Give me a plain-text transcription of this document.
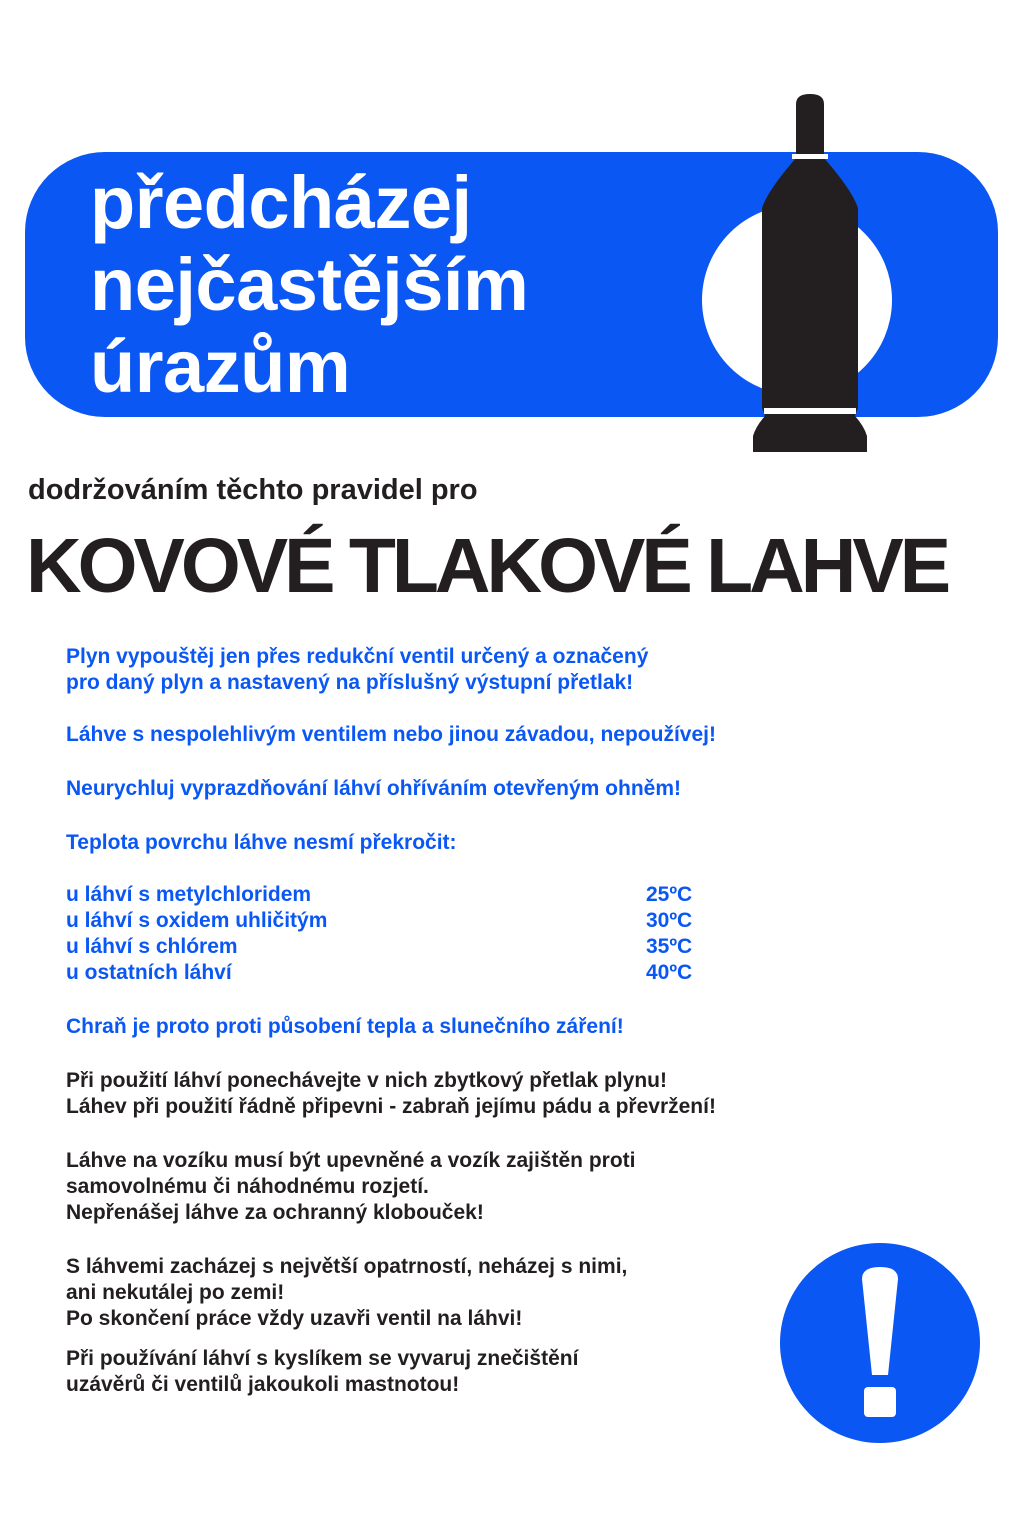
předcházej
nejčastějším
úrazům

dodržováním těchto pravidel pro

KOVOVÉ TLAKOVÉ LAHVE

Plyn vypouštěj jen přes redukční ventil určený a označený
pro daný plyn a nastavený na příslušný výstupní přetlak!

Láhve s nespolehlivým ventilem nebo jinou závadou, nepoužívej!

Neurychluj vyprazdňování láhví ohříváním otevřeným ohněm!

Teplota povrchu láhve nesmí překročit:

u láhví s metylchloridem	25ºC
u láhví s oxidem uhličitým	30ºC
u láhví s chlórem	35ºC
u ostatních láhví	40ºC

Chraň je proto proti působení tepla a slunečního záření!

Při použití láhví ponechávejte v nich zbytkový přetlak plynu!
Láhev při použití řádně připevni - zabraň jejímu pádu a převržení!

Láhve na vozíku musí být upevněné a vozík zajištěn proti
samovolnému či náhodnému rozjetí.
Nepřenášej láhve za ochranný klobouček!

S láhvemi zacházej s největší opatrností, neházej s nimi,
ani nekutálej po zemi!
Po skončení práce vždy uzavři ventil na láhvi!

Při používání láhví s kyslíkem se vyvaruj znečištění
uzávěrů či ventilů jakoukoli mastnotou!
